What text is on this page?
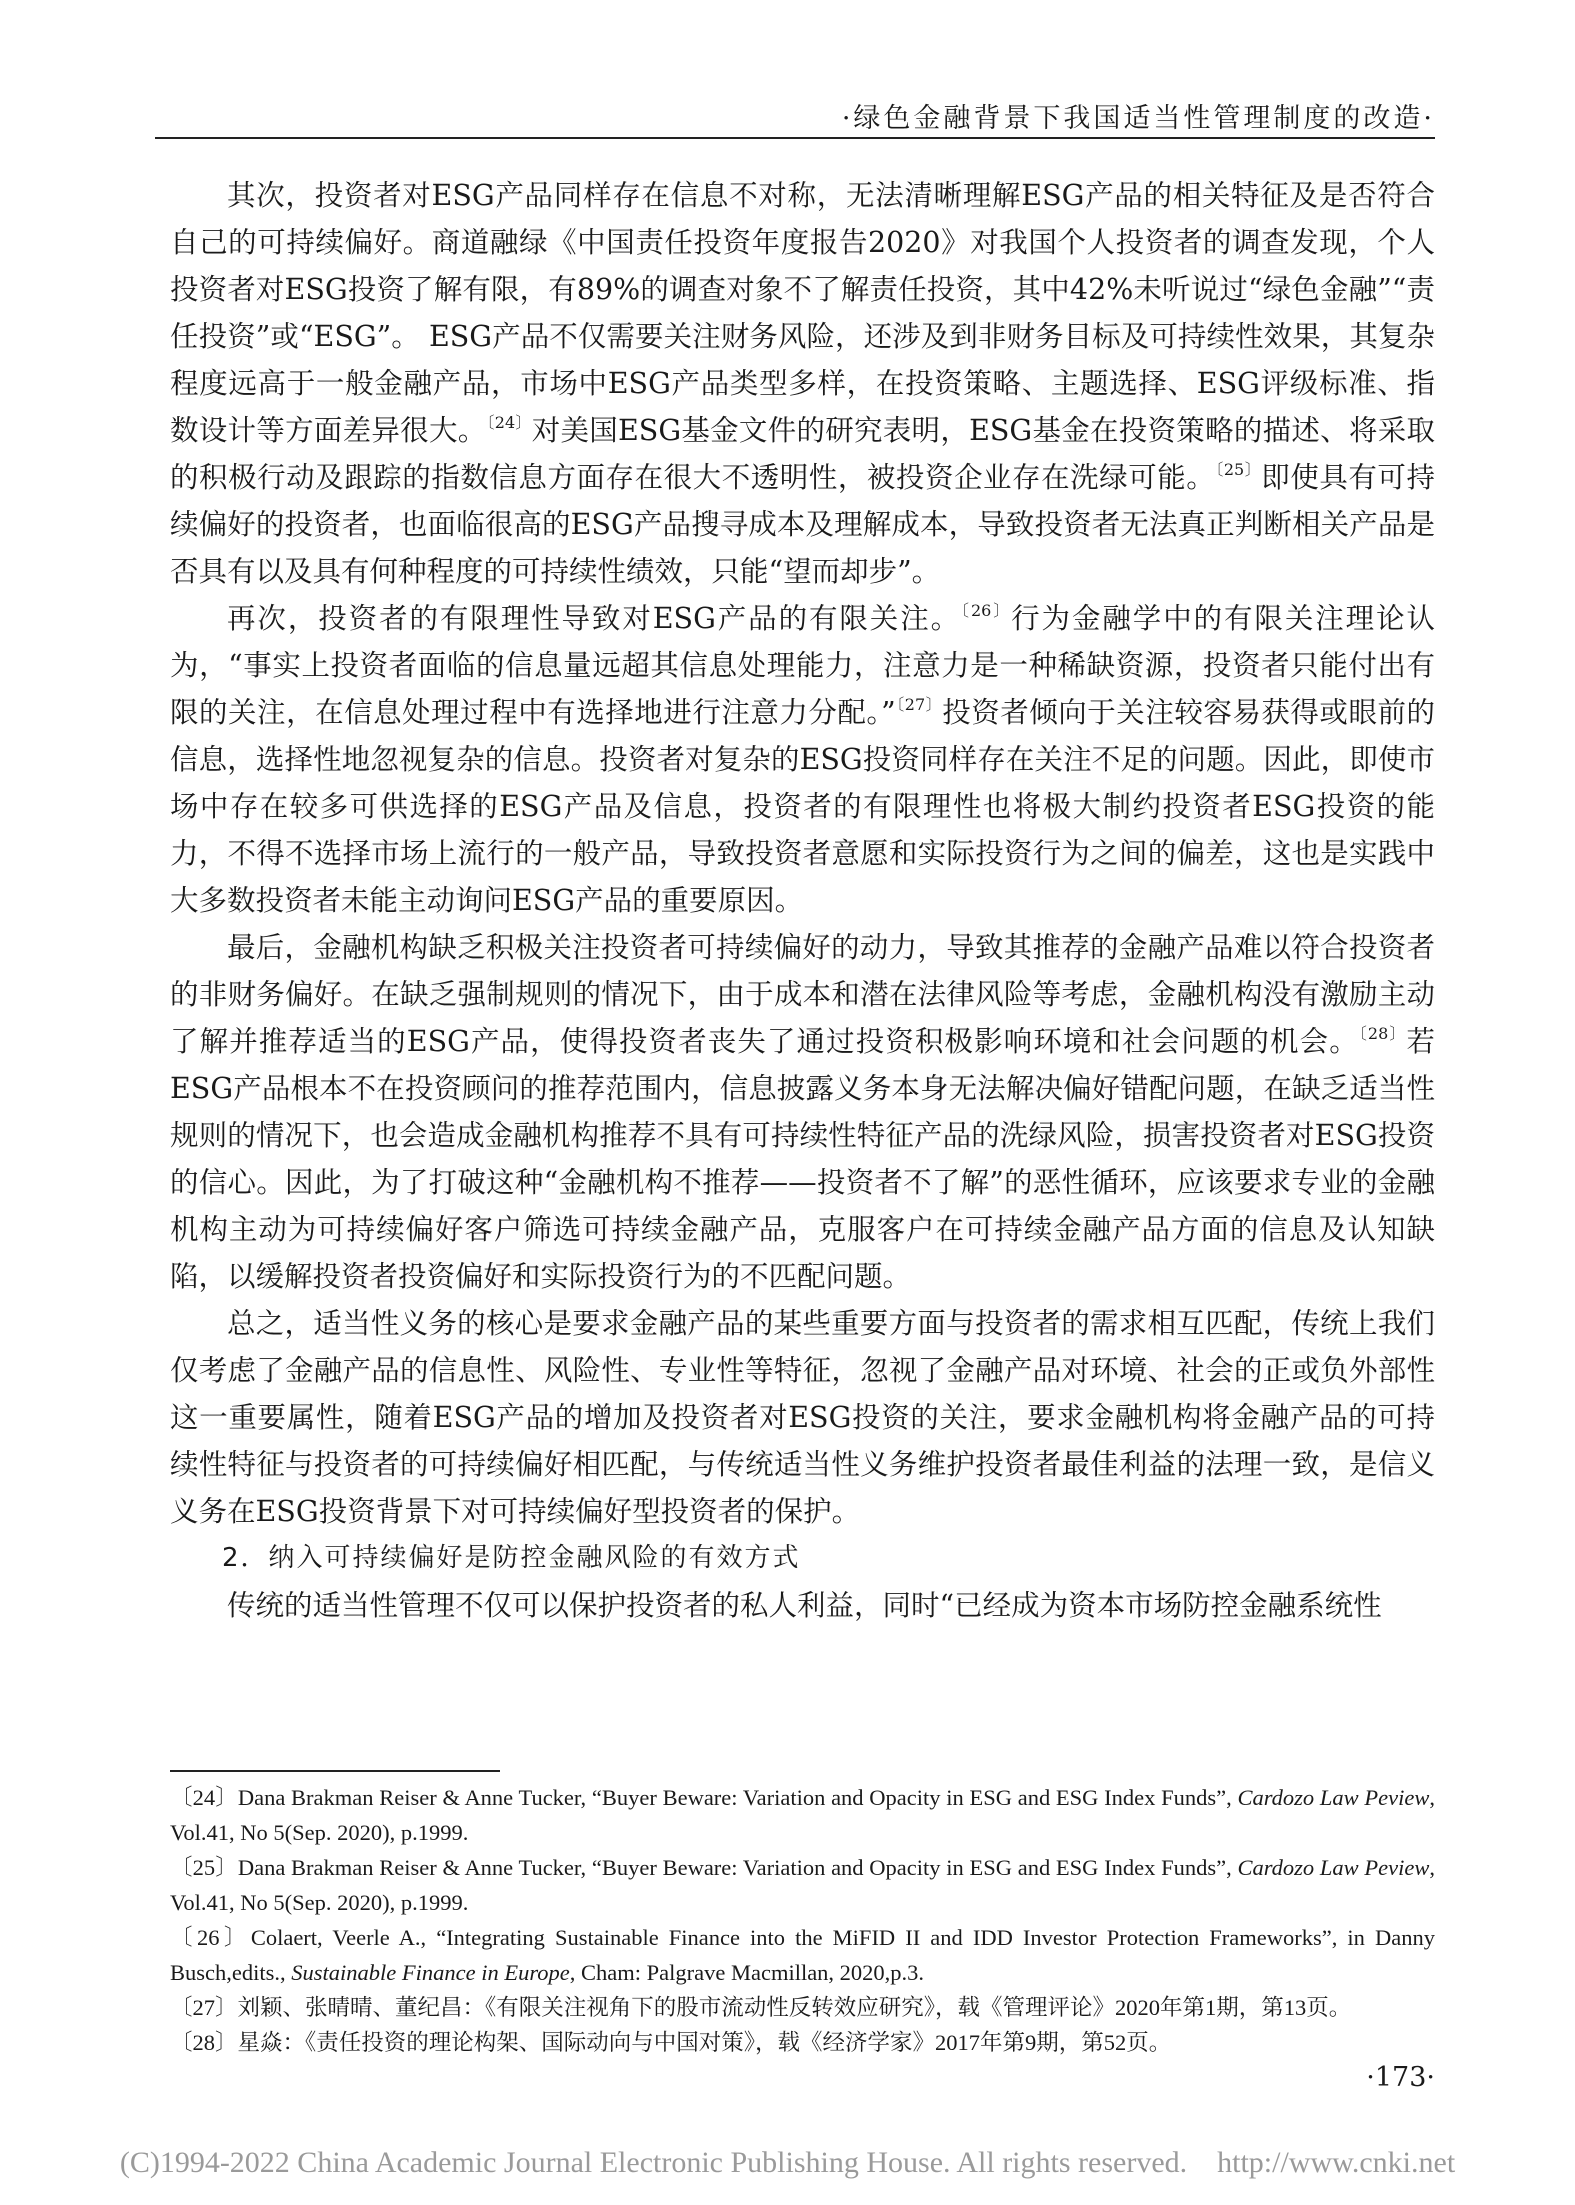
·绿色金融背景下我国适当性管理制度的改造·

其次，投资者对ESG产品同样存在信息不对称，无法清晰理解ESG产品的相关特征及是否符合自己的可持续偏好。商道融绿《中国责任投资年度报告2020》对我国个人投资者的调查发现，个人投资者对ESG投资了解有限，有89%的调查对象不了解责任投资，其中42%未听说过“绿色金融”“责任投资”或“ESG”。 ESG产品不仅需要关注财务风险，还涉及到非财务目标及可持续性效果，其复杂程度远高于一般金融产品，市场中ESG产品类型多样，在投资策略、主题选择、ESG评级标准、指数设计等方面差异很大。$^{〔24〕}$对美国ESG基金文件的研究表明，ESG基金在投资策略的描述、将采取的积极行动及跟踪的指数信息方面存在很大不透明性，被投资企业存在洗绿可能。$^{〔25〕}$即使具有可持续偏好的投资者，也面临很高的ESG产品搜寻成本及理解成本，导致投资者无法真正判断相关产品是否具有以及具有何种程度的可持续性绩效，只能“望而却步”。

再次，投资者的有限理性导致对ESG产品的有限关注。$^{〔26〕}$行为金融学中的有限关注理论认为，“事实上投资者面临的信息量远超其信息处理能力，注意力是一种稀缺资源，投资者只能付出有限的关注，在信息处理过程中有选择地进行注意力分配。”$^{〔27〕}$投资者倾向于关注较容易获得或眼前的信息，选择性地忽视复杂的信息。投资者对复杂的ESG投资同样存在关注不足的问题。因此，即使市场中存在较多可供选择的ESG产品及信息，投资者的有限理性也将极大制约投资者ESG投资的能力，不得不选择市场上流行的一般产品，导致投资者意愿和实际投资行为之间的偏差，这也是实践中大多数投资者未能主动询问ESG产品的重要原因。

最后，金融机构缺乏积极关注投资者可持续偏好的动力，导致其推荐的金融产品难以符合投资者的非财务偏好。在缺乏强制规则的情况下，由于成本和潜在法律风险等考虑，金融机构没有激励主动了解并推荐适当的ESG产品，使得投资者丧失了通过投资积极影响环境和社会问题的机会。$^{〔28〕}$若ESG产品根本不在投资顾问的推荐范围内，信息披露义务本身无法解决偏好错配问题，在缺乏适当性规则的情况下，也会造成金融机构推荐不具有可持续性特征产品的洗绿风险，损害投资者对ESG投资的信心。因此，为了打破这种“金融机构不推荐——投资者不了解”的恶性循环，应该要求专业的金融机构主动为可持续偏好客户筛选可持续金融产品，克服客户在可持续金融产品方面的信息及认知缺陷，以缓解投资者投资偏好和实际投资行为的不匹配问题。

总之，适当性义务的核心是要求金融产品的某些重要方面与投资者的需求相互匹配，传统上我们仅考虑了金融产品的信息性、风险性、专业性等特征，忽视了金融产品对环境、社会的正或负外部性这一重要属性，随着ESG产品的增加及投资者对ESG投资的关注，要求金融机构将金融产品的可持续性特征与投资者的可持续偏好相匹配，与传统适当性义务维护投资者最佳利益的法理一致，是信义义务在ESG投资背景下对可持续偏好型投资者的保护。

2．纳入可持续偏好是防控金融风险的有效方式

传统的适当性管理不仅可以保护投资者的私人利益，同时“已经成为资本市场防控金融系统性

〔24〕Dana Brakman Reiser & Anne Tucker, “Buyer Beware: Variation and Opacity in ESG and ESG Index Funds”, Cardozo Law Peview, Vol.41, No 5(Sep. 2020), p.1999.

〔25〕Dana Brakman Reiser & Anne Tucker, “Buyer Beware: Variation and Opacity in ESG and ESG Index Funds”, Cardozo Law Peview, Vol.41, No 5(Sep. 2020), p.1999.

〔26〕Colaert, Veerle A., “Integrating Sustainable Finance into the MiFID II and IDD Investor Protection Frameworks”, in Danny Busch,edits., Sustainable Finance in Europe, Cham: Palgrave Macmillan, 2020,p.3.

〔27〕刘颖、张晴晴、董纪昌：《有限关注视角下的股市流动性反转效应研究》，载《管理评论》2020年第1期，第13页。

〔28〕星焱：《责任投资的理论构架、国际动向与中国对策》，载《经济学家》2017年第9期，第52页。

·173·
(C)1994-2022 China Academic Journal Electronic Publishing House. All rights reserved.    http://www.cnki.net
